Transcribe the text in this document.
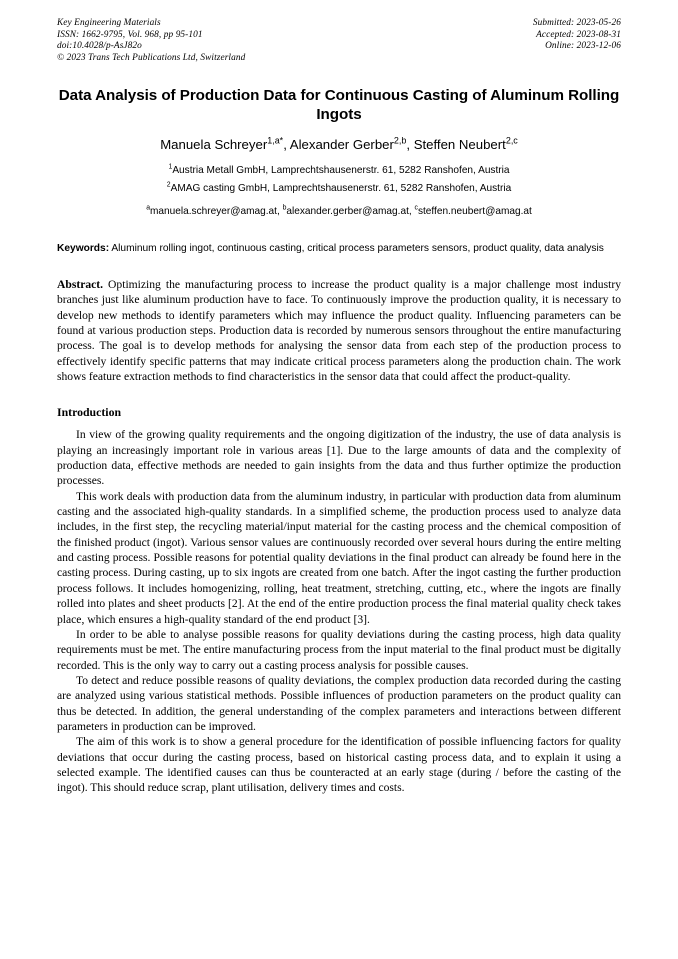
Key Engineering Materials
ISSN: 1662-9795, Vol. 968, pp 95-101
doi:10.4028/p-AsJ82o
© 2023 Trans Tech Publications Ltd, Switzerland
Submitted: 2023-05-26
Accepted: 2023-08-31
Online: 2023-12-06
Data Analysis of Production Data for Continuous Casting of Aluminum Rolling Ingots
Manuela Schreyer$^{1,a*}$, Alexander Gerber$^{2,b}$, Steffen Neubert$^{2,c}$
$^1$Austria Metall GmbH, Lamprechtshausenerstr. 61, 5282 Ranshofen, Austria
$^2$AMAG casting GmbH, Lamprechtshausenerstr. 61, 5282 Ranshofen, Austria
$^a$manuela.schreyer@amag.at, $^b$alexander.gerber@amag.at, $^c$steffen.neubert@amag.at
Keywords: Aluminum rolling ingot, continuous casting, critical process parameters sensors, product quality, data analysis
Abstract. Optimizing the manufacturing process to increase the product quality is a major challenge most industry branches just like aluminum production have to face. To continuously improve the production quality, it is necessary to develop new methods to identify parameters which may influence the product quality. Influencing parameters can be found at various production steps. Production data is recorded by numerous sensors throughout the entire manufacturing process. The goal is to develop methods for analysing the sensor data from each step of the production process to effectively identify specific patterns that may indicate critical process parameters along the production chain. The work shows feature extraction methods to find characteristics in the sensor data that could affect the product-quality.
Introduction
In view of the growing quality requirements and the ongoing digitization of the industry, the use of data analysis is playing an increasingly important role in various areas [1]. Due to the large amounts of data and the complexity of production data, effective methods are needed to gain insights from the data and thus further optimize the production processes.
This work deals with production data from the aluminum industry, in particular with production data from aluminum casting and the associated high-quality standards. In a simplified scheme, the production process used to analyze data includes, in the first step, the recycling material/input material for the casting process and the chemical composition of the finished product (ingot). Various sensor values are continuously recorded over several hours during the entire melting and casting process. Possible reasons for potential quality deviations in the final product can already be found here in the casting process. During casting, up to six ingots are created from one batch. After the ingot casting the further production process follows. It includes homogenizing, rolling, heat treatment, stretching, cutting, etc., where the ingots are finally rolled into plates and sheet products [2]. At the end of the entire production process the final material quality check takes place, which ensures a high-quality standard of the end product [3].
In order to be able to analyse possible reasons for quality deviations during the casting process, high data quality requirements must be met. The entire manufacturing process from the input material to the final product must be digitally recorded. This is the only way to carry out a casting process analysis for possible causes.
To detect and reduce possible reasons of quality deviations, the complex production data recorded during the casting are analyzed using various statistical methods. Possible influences of production parameters on the product quality can thus be detected. In addition, the general understanding of the complex parameters and interactions between different parameters in production can be improved.
The aim of this work is to show a general procedure for the identification of possible influencing factors for quality deviations that occur during the casting process, based on historical casting process data, and to explain it using a selected example. The identified causes can thus be counteracted at an early stage (during / before the casting of the ingot). This should reduce scrap, plant utilisation, delivery times and costs.
